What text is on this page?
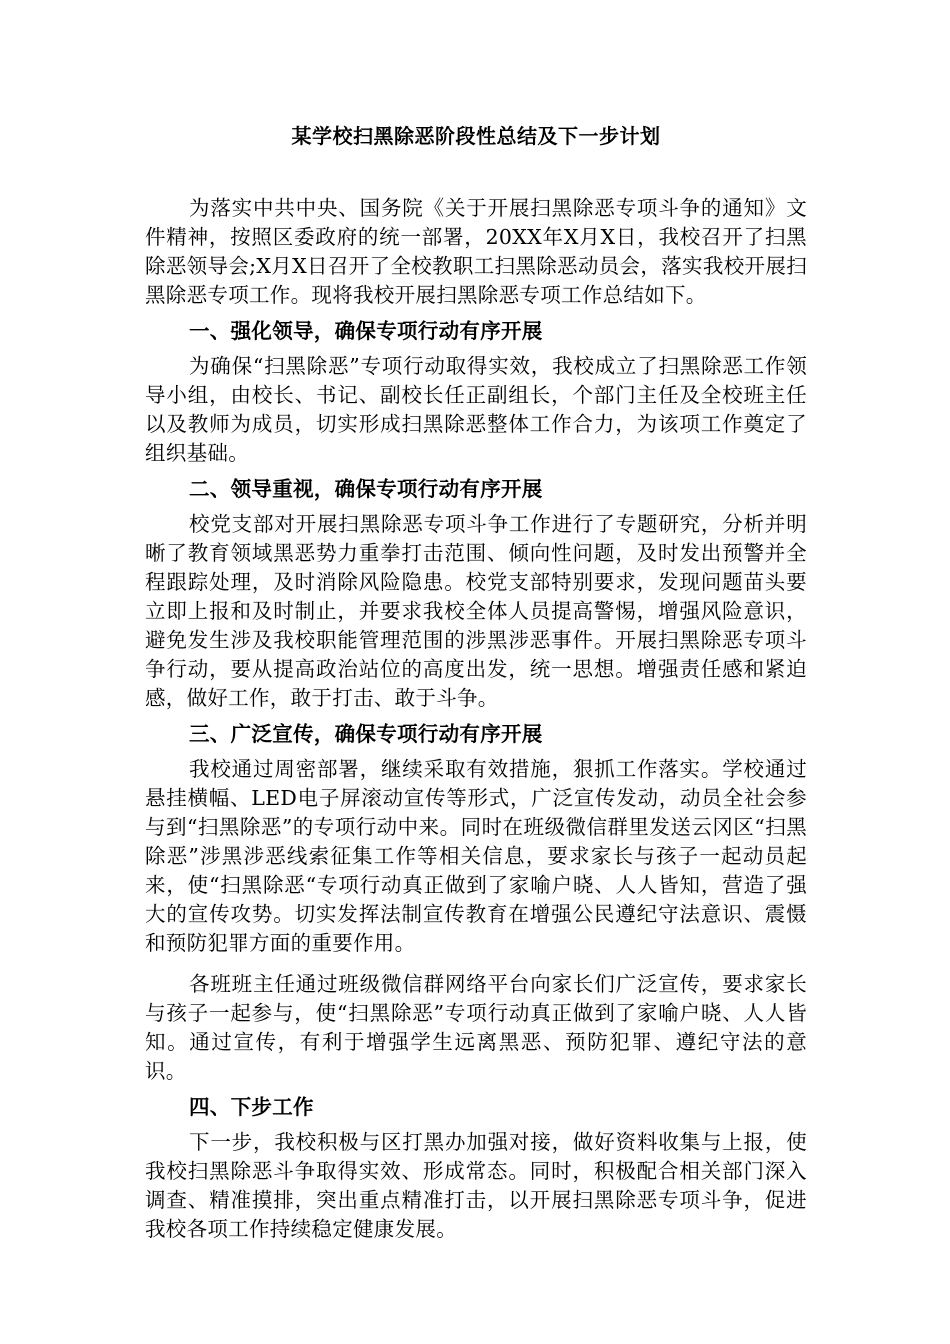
某学校扫黑除恶阶段性总结及下一步计划

为落实中共中央、国务院《关于开展扫黑除恶专项斗争的通知》文件精神，按照区委政府的统一部署，20XX年X月X日，我校召开了扫黑除恶领导会;X月X日召开了全校教职工扫黑除恶动员会，落实我校开展扫黑除恶专项工作。现将我校开展扫黑除恶专项工作总结如下。

一、强化领导，确保专项行动有序开展

为确保“扫黑除恶”专项行动取得实效，我校成立了扫黑除恶工作领导小组，由校长、书记、副校长任正副组长，个部门主任及全校班主任以及教师为成员，切实形成扫黑除恶整体工作合力，为该项工作奠定了组织基础。

二、领导重视，确保专项行动有序开展

校党支部对开展扫黑除恶专项斗争工作进行了专题研究，分析并明晰了教育领域黑恶势力重拳打击范围、倾向性问题，及时发出预警并全程跟踪处理，及时消除风险隐患。校党支部特别要求，发现问题苗头要立即上报和及时制止，并要求我校全体人员提高警惕，增强风险意识，避免发生涉及我校职能管理范围的涉黑涉恶事件。开展扫黑除恶专项斗争行动，要从提高政治站位的高度出发，统一思想。增强责任感和紧迫感，做好工作，敢于打击、敢于斗争。

三、广泛宣传，确保专项行动有序开展

我校通过周密部署，继续采取有效措施，狠抓工作落实。学校通过悬挂横幅、LED电子屏滚动宣传等形式，广泛宣传发动，动员全社会参与到“扫黑除恶”的专项行动中来。同时在班级微信群里发送云冈区“扫黑除恶”涉黑涉恶线索征集工作等相关信息，要求家长与孩子一起动员起来，使“扫黑除恶“专项行动真正做到了家喻户晓、人人皆知，营造了强大的宣传攻势。切实发挥法制宣传教育在增强公民遵纪守法意识、震慑和预防犯罪方面的重要作用。

各班班主任通过班级微信群网络平台向家长们广泛宣传，要求家长与孩子一起参与，使“扫黑除恶”专项行动真正做到了家喻户晓、人人皆知。通过宣传，有利于增强学生远离黑恶、预防犯罪、遵纪守法的意识。

四、下步工作

下一步，我校积极与区打黑办加强对接，做好资料收集与上报，使我校扫黑除恶斗争取得实效、形成常态。同时，积极配合相关部门深入调查、精准摸排，突出重点精准打击，以开展扫黑除恶专项斗争，促进我校各项工作持续稳定健康发展。
